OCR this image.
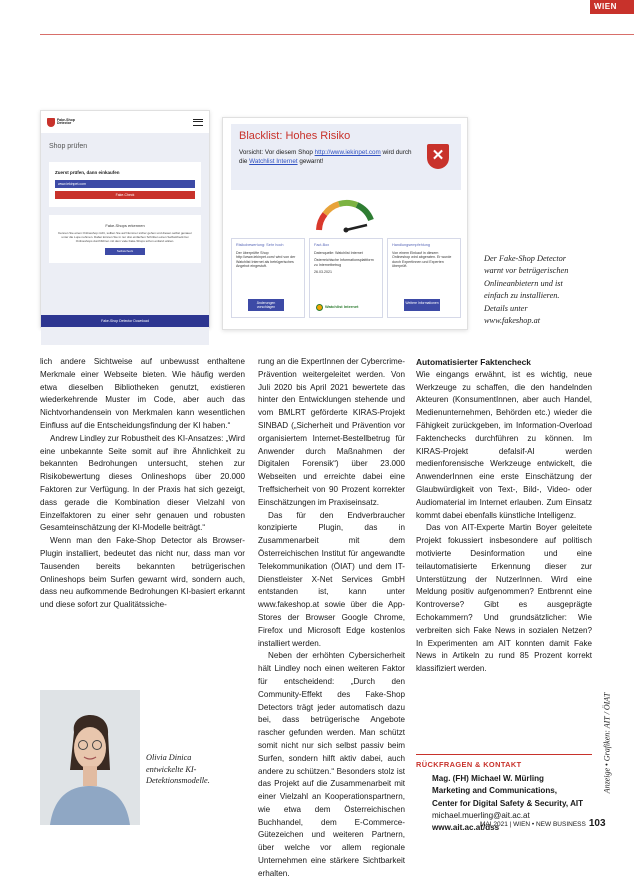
WIEN
Fake-Shop Detector
Shop prüfen
Zuerst prüfen, dann einkaufen
www.iekinpet.com
Fake-Check
Fake-Shops erkennen
Kennen Sie einen Onlineshop nicht, sollten Sie auf Nummer sicher gehen und diesen selbst genauer unter die Lupe nehmen. Dabei können Sie in nur drei einfachen Schritten einen Selbstcheck bei Onlineshops durchführen mit dem viele Fake-Shops schon entlarvt wären.
Selbstcheck
Fake-Shop Detector Download
Blacklist: Hohes Risiko

Vorsicht: Vor diesem Shop http://www.iekinpet.com wird durch die Watchlist Internet gewarnt!	✕
Risikobewertung: Sehr hoch
Der überprüfte Shop http://www.iekinpet.com/ wird von der Watchlist Internet als betrügerisches Angebot eingestuft.
Änderungen vorschlagen
Fact-Box
Datenquelle: Watchlist Internet
Österreichische Informationsplattform zu Internetbetrug
26.03.2021
Watchlist Internet
Handlungsempfehlung
Von einem Einkauf in diesem Onlineshop wird abgeraten. Er wurde durch ExpertInnen und Experten überprüft.
Weitere Informationen
Der Fake-Shop Detector warnt vor betrügerischen Onlineanbietern und ist einfach zu installieren. Details unter www.fakeshop.at

lich andere Sichtweise auf unbewusst enthaltene Merkmale einer Webseite bieten. Wie häufig werden etwa dieselben Bibliotheken genutzt, existieren wiederkehrende Muster im Code, aber auch das Nichtvorhandensein von Merkmalen kann wesentlichen Einfluss auf die Entscheidungsfindung der KI haben.“

Andrew Lindley zur Robustheit des KI-Ansatzes: „Wird eine unbekannte Seite somit auf ihre Ähnlichkeit zu bekannten Bedrohungen untersucht, stehen zur Risikobewertung dieses Onlineshops über 20.000 Faktoren zur Verfügung. In der Praxis hat sich gezeigt, dass gerade die Kombination dieser Vielzahl von Einzelfaktoren zu einer sehr genauen und robusten Gesamteinschätzung der KI-Modelle beiträgt.“

Wenn man den Fake-Shop Detector als Browser-Plugin installiert, bedeutet das nicht nur, dass man vor Tausenden bereits bekannten betrügerischen Onlineshops beim Surfen gewarnt wird, sondern auch, dass neu aufkommende Bedrohungen KI-basiert erkannt und diese sofort zur Qualitätssiche-

Olivia Dinica entwickelte KI-Detektionsmodelle.

rung an die ExpertInnen der Cybercrime-Prävention weitergeleitet werden. Von Juli 2020 bis April 2021 bewertete das hinter den Entwicklungen stehende und vom BMLRT geförderte KIRAS-Projekt SINBAD („Sicherheit und Prävention vor organisiertem Internet-Bestellbetrug für Anwender durch Maßnahmen der Digitalen Forensik“) über 23.000 Webseiten und erreichte dabei eine Treffsicherheit von 90 Prozent korrekter Einschätzungen im Praxiseinsatz.

Das für den Endverbraucher konzipierte Plugin, das in Zusammenarbeit mit dem Österreichischen Institut für angewandte Telekommunikation (ÖIAT) und dem IT-Dienstleister X-Net Services GmbH entstanden ist, kann unter www.fakeshop.at sowie über die App-Stores der Browser Google Chrome, Firefox und Microsoft Edge kostenlos installiert werden.

Neben der erhöhten Cybersicherheit hält Lindley noch einen weiteren Faktor für entscheidend: „Durch den Community-Effekt des Fake-Shop Detectors trägt jeder automatisch dazu bei, dass betrügerische Angebote rascher gefunden werden. Man schützt somit nicht nur sich selbst passiv beim Surfen, sondern hilft aktiv dabei, auch andere zu schützen.“ Besonders stolz ist das Projekt auf die Zusammenarbeit mit einer Vielzahl an Kooperationspartnern, wie etwa dem Österreichischen Buchhandel, dem E-Commerce-Gütezeichen und weiteren Partnern, über welche vor allem regionale Unternehmen eine stärkere Sichtbarkeit erhalten.

Automatisierter Faktencheck

Wie eingangs erwähnt, ist es wichtig, neue Werkzeuge zu schaffen, die den handelnden Akteuren (KonsumentInnen, aber auch Handel, Medienunternehmen, Behörden etc.) wieder die Fähigkeit zurückgeben, im Information-Overload Faktenchecks durchführen zu können. Im KIRAS-Projekt defalsif-AI werden medienforensische Werkzeuge entwickelt, die AnwenderInnen eine erste Einschätzung der Glaubwürdigkeit von Text-, Bild-, Video- oder Audiomaterial im Internet erlauben. Zum Einsatz kommt dabei ebenfalls künstliche Intelligenz.

Das von AIT-Experte Martin Boyer geleitete Projekt fokussiert insbesondere auf politisch motivierte Desinformation und eine teilautomatisierte Erkennung dieser zur Unterstützung der NutzerInnen. Wird eine Meldung positiv aufgenommen? Entbrennt eine Kontroverse? Gibt es ausgeprägte Echokammern? Und grundsätzlicher: Wie verbreiten sich Fake News in sozialen Netzen? In Experimenten am AIT konnten damit Fake News in Artikeln zu rund 85 Prozent korrekt klassifiziert werden.

RÜCKFRAGEN & KONTAKT
Mag. (FH) Michael W. Mürling
Marketing and Communications,
Center for Digital Safety & Security, AIT
michael.muerling@ait.ac.at
www.ait.ac.at/dss
Anzeige • Grafiken: AIT / ÖIAT
MAI 2021 | WIEN • NEW BUSINESS 103
